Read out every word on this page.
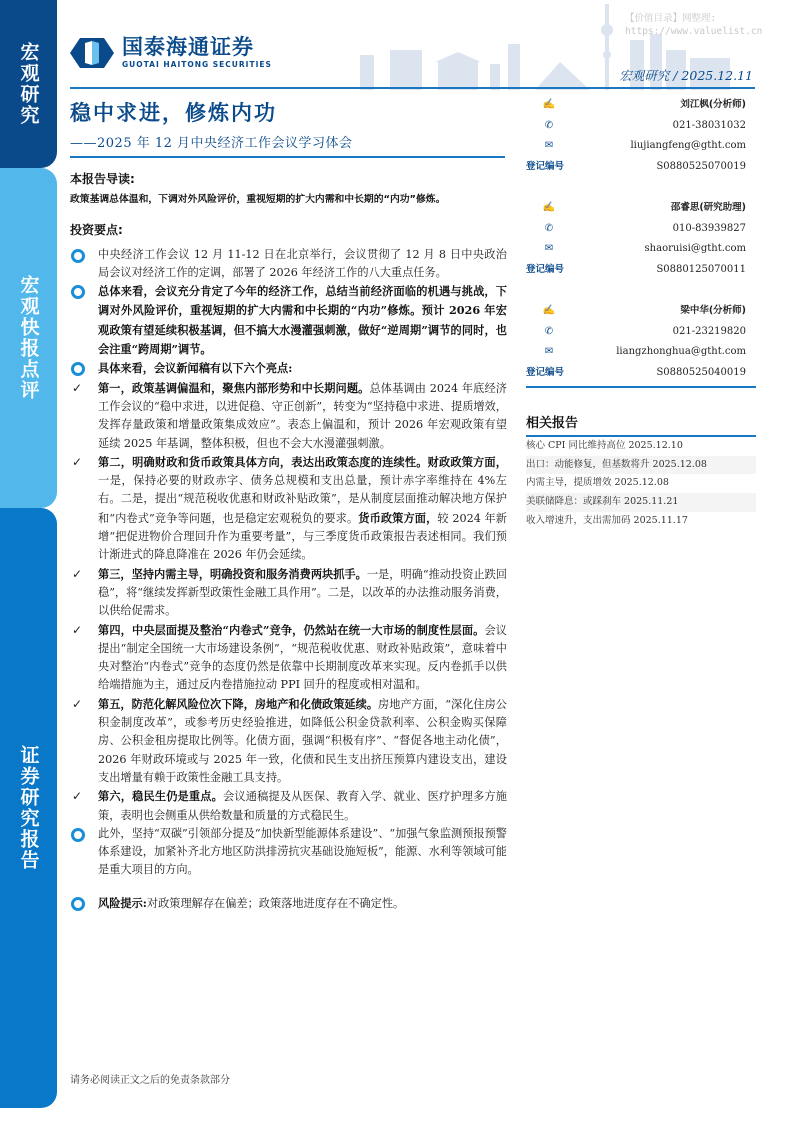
宏观研究
宏观快报点评
证券研究报告
【价值目录】网整理:
https://www.valuelist.cn
国泰海通证券
GUOTAI HAITONG SECURITIES
宏观研究 / 2025.12.11
稳中求进，修炼内功
——2025 年 12 月中央经济工作会议学习体会

本报告导读:

政策基调总体温和，下调对外风险评价，重视短期的扩大内需和中长期的“内功”修炼。

投资要点:

中央经济工作会议 12 月 11-12 日在北京举行，会议贯彻了 12 月 8 日中央政治局会议对经济工作的定调，部署了 2026 年经济工作的八大重点任务。
总体来看，会议充分肯定了今年的经济工作，总结当前经济面临的机遇与挑战，下调对外风险评价，重视短期的扩大内需和中长期的“内功”修炼。预计 2026 年宏观政策有望延续积极基调，但不搞大水漫灌强刺激，做好“逆周期”调节的同时，也会注重“跨周期”调节。
具体来看，会议新闻稿有以下六个亮点:
✓ 第一，政策基调偏温和，聚焦内部形势和中长期问题。总体基调由 2024 年底经济工作会议的“稳中求进，以进促稳、守正创新”，转变为“坚持稳中求进、提质增效，发挥存量政策和增量政策集成效应”。表态上偏温和，预计 2026 年宏观政策有望延续 2025 年基调，整体积极，但也不会大水漫灌强刺激。
✓ 第二，明确财政和货币政策具体方向，表达出政策态度的连续性。财政政策方面，一是，保持必要的财政赤字、债务总规模和支出总量，预计赤字率维持在 4%左右。二是，提出“规范税收优惠和财政补贴政策”，是从制度层面推动解决地方保护和“内卷式”竞争等问题，也是稳定宏观税负的要求。货币政策方面，较 2024 年新增“把促进物价合理回升作为重要考量”，与三季度货币政策报告表述相同。我们预计渐进式的降息降准在 2026 年仍会延续。
✓ 第三，坚持内需主导，明确投资和服务消费两块抓手。一是，明确“推动投资止跌回稳”，将“继续发挥新型政策性金融工具作用”。二是，以改革的办法推动服务消费，以供给促需求。
✓ 第四，中央层面提及整治“内卷式”竞争，仍然站在统一大市场的制度性层面。会议提出“制定全国统一大市场建设条例”，“规范税收优惠、财政补贴政策”，意味着中央对整治“内卷式”竞争的态度仍然是依靠中长期制度改革来实现。反内卷抓手以供给端措施为主，通过反内卷措施拉动 PPI 回升的程度或相对温和。
✓ 第五，防范化解风险位次下降，房地产和化债政策延续。房地产方面，“深化住房公积金制度改革”，或参考历史经验推进，如降低公积金贷款利率、公积金购买保障房、公积金租房提取比例等。化债方面，强调“积极有序”、“督促各地主动化债”，2026 年财政环境或与 2025 年一致，化债和民生支出挤压预算内建设支出，建设支出增量有赖于政策性金融工具支持。
✓ 第六，稳民生仍是重点。会议通稿提及从医保、教育入学、就业、医疗护理多方施策，表明也会侧重从供给数量和质量的方式稳民生。
此外，坚持“双碳”引领部分提及“加快新型能源体系建设”、“加强气象监测预报预警体系建设，加紧补齐北方地区防洪排涝抗灾基础设施短板”，能源、水利等领域可能是重大项目的方向。
风险提示:对政策理解存在偏差；政策落地进度存在不确定性。
✍	刘江枫(分析师)
✆	021-38031032
✉	liujiangfeng@gtht.com
登记编号	S0880525070019
✍	邵睿思(研究助理)
✆	010-83939827
✉	shaoruisi@gtht.com
登记编号	S0880125070011
✍	梁中华(分析师)
✆	021-23219820
✉	liangzhonghua@gtht.com
登记编号	S0880525040019
相关报告
核心 CPI 同比维持高位 2025.12.10
出口：动能修复，但基数将升 2025.12.08
内需主导，提质增效 2025.12.08
美联储降息：或踩刹车 2025.11.21
收入增速升，支出需加码 2025.11.17
请务必阅读正文之后的免责条款部分
